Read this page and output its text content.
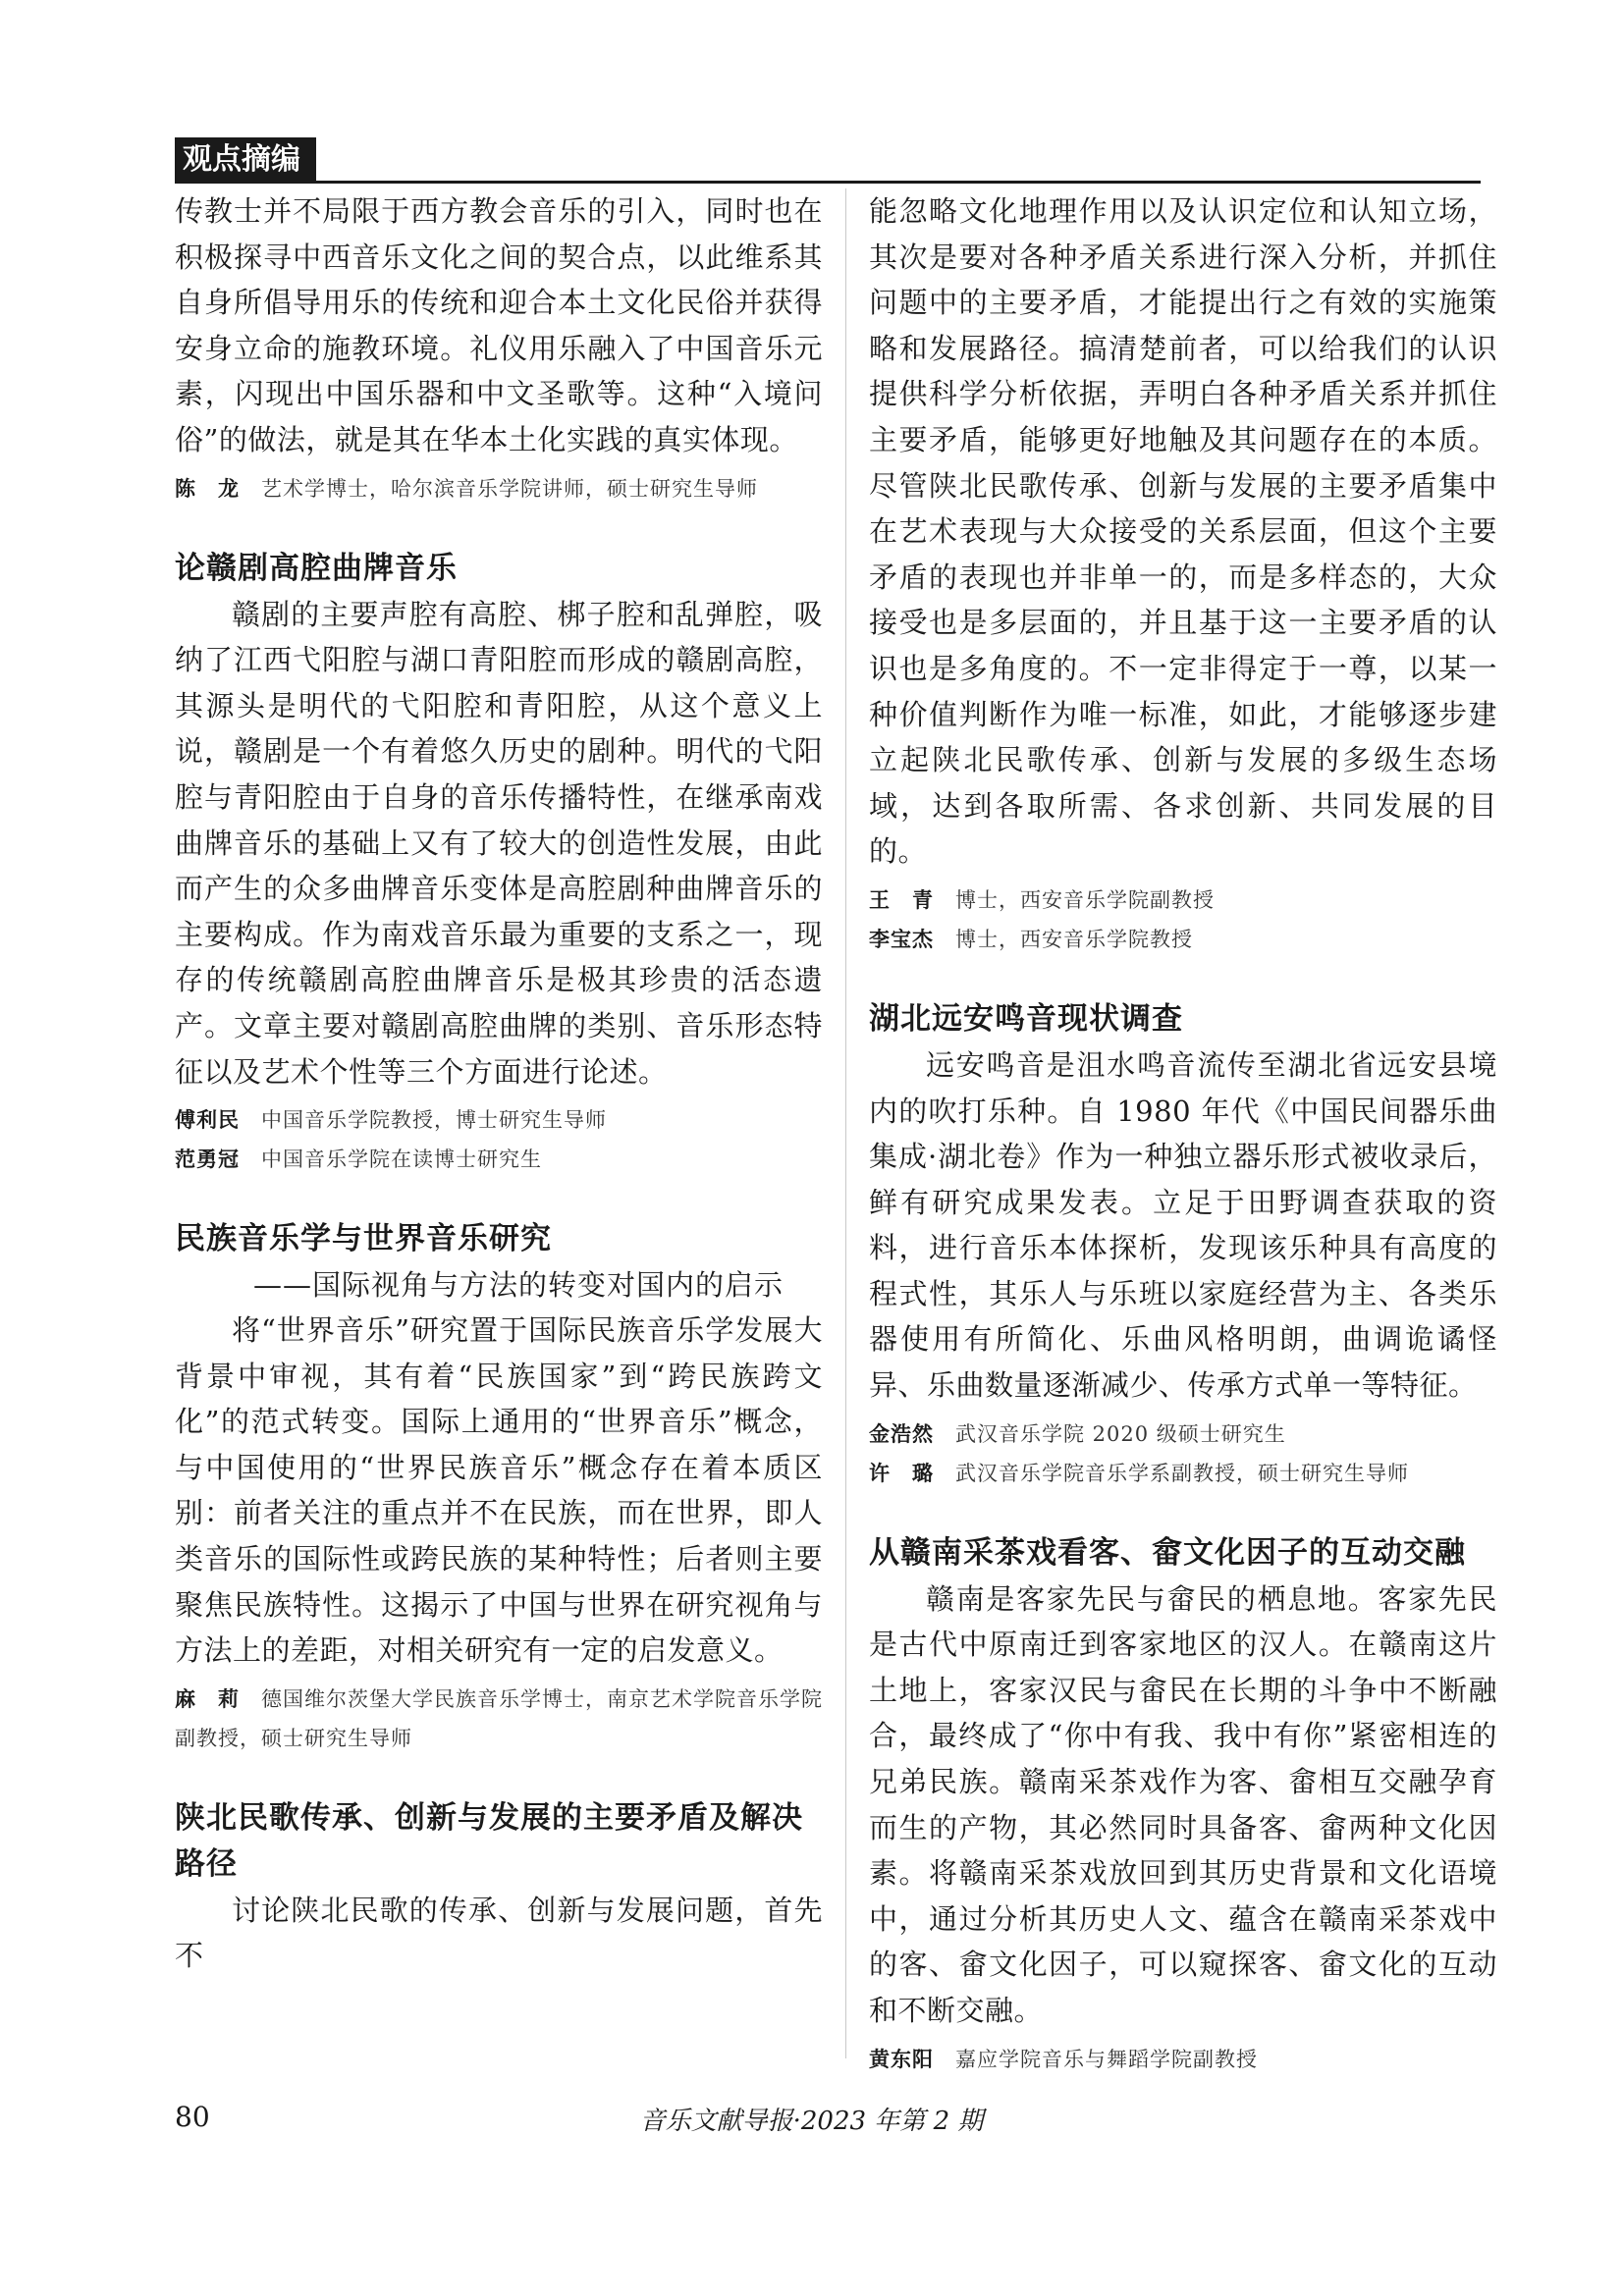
观点摘编

传教士并不局限于西方教会音乐的引入，同时也在积极探寻中西音乐文化之间的契合点，以此维系其自身所倡导用乐的传统和迎合本土文化民俗并获得安身立命的施教环境。礼仪用乐融入了中国音乐元素，闪现出中国乐器和中文圣歌等。这种“入境问俗”的做法，就是其在华本土化实践的真实体现。

陈　龙 艺术学博士，哈尔滨音乐学院讲师，硕士研究生导师

论赣剧高腔曲牌音乐

赣剧的主要声腔有高腔、梆子腔和乱弹腔，吸纳了江西弋阳腔与湖口青阳腔而形成的赣剧高腔，其源头是明代的弋阳腔和青阳腔，从这个意义上说，赣剧是一个有着悠久历史的剧种。明代的弋阳腔与青阳腔由于自身的音乐传播特性，在继承南戏曲牌音乐的基础上又有了较大的创造性发展，由此而产生的众多曲牌音乐变体是高腔剧种曲牌音乐的主要构成。作为南戏音乐最为重要的支系之一，现存的传统赣剧高腔曲牌音乐是极其珍贵的活态遗产。文章主要对赣剧高腔曲牌的类别、音乐形态特征以及艺术个性等三个方面进行论述。

傅利民 中国音乐学院教授，博士研究生导师

范勇冠 中国音乐学院在读博士研究生

民族音乐学与世界音乐研究

——国际视角与方法的转变对国内的启示

将“世界音乐”研究置于国际民族音乐学发展大背景中审视，其有着“民族国家”到“跨民族跨文化”的范式转变。国际上通用的“世界音乐”概念，与中国使用的“世界民族音乐”概念存在着本质区别：前者关注的重点并不在民族，而在世界，即人类音乐的国际性或跨民族的某种特性；后者则主要聚焦民族特性。这揭示了中国与世界在研究视角与方法上的差距，对相关研究有一定的启发意义。

麻　莉 德国维尔茨堡大学民族音乐学博士，南京艺术学院音乐学院副教授，硕士研究生导师

陕北民歌传承、创新与发展的主要矛盾及解决路径

讨论陕北民歌的传承、创新与发展问题，首先不

能忽略文化地理作用以及认识定位和认知立场，其次是要对各种矛盾关系进行深入分析，并抓住问题中的主要矛盾，才能提出行之有效的实施策略和发展路径。搞清楚前者，可以给我们的认识提供科学分析依据，弄明白各种矛盾关系并抓住主要矛盾，能够更好地触及其问题存在的本质。尽管陕北民歌传承、创新与发展的主要矛盾集中在艺术表现与大众接受的关系层面，但这个主要矛盾的表现也并非单一的，而是多样态的，大众接受也是多层面的，并且基于这一主要矛盾的认识也是多角度的。不一定非得定于一尊，以某一种价值判断作为唯一标准，如此，才能够逐步建立起陕北民歌传承、创新与发展的多级生态场域，达到各取所需、各求创新、共同发展的目的。

王　青 博士，西安音乐学院副教授

李宝杰 博士，西安音乐学院教授

湖北远安鸣音现状调查

远安鸣音是沮水鸣音流传至湖北省远安县境内的吹打乐种。自 1980 年代《中国民间器乐曲集成·湖北卷》作为一种独立器乐形式被收录后，鲜有研究成果发表。立足于田野调查获取的资料，进行音乐本体探析，发现该乐种具有高度的程式性，其乐人与乐班以家庭经营为主、各类乐器使用有所简化、乐曲风格明朗，曲调诡谲怪异、乐曲数量逐渐减少、传承方式单一等特征。

金浩然 武汉音乐学院 2020 级硕士研究生

许　璐 武汉音乐学院音乐学系副教授，硕士研究生导师

从赣南采茶戏看客、畲文化因子的互动交融

赣南是客家先民与畲民的栖息地。客家先民是古代中原南迁到客家地区的汉人。在赣南这片土地上，客家汉民与畲民在长期的斗争中不断融合，最终成了“你中有我、我中有你”紧密相连的兄弟民族。赣南采茶戏作为客、畲相互交融孕育而生的产物，其必然同时具备客、畲两种文化因素。将赣南采茶戏放回到其历史背景和文化语境中，通过分析其历史人文、蕴含在赣南采茶戏中的客、畲文化因子，可以窥探客、畲文化的互动和不断交融。

黄东阳 嘉应学院音乐与舞蹈学院副教授

80	音乐文献导报·2023 年第 2 期
